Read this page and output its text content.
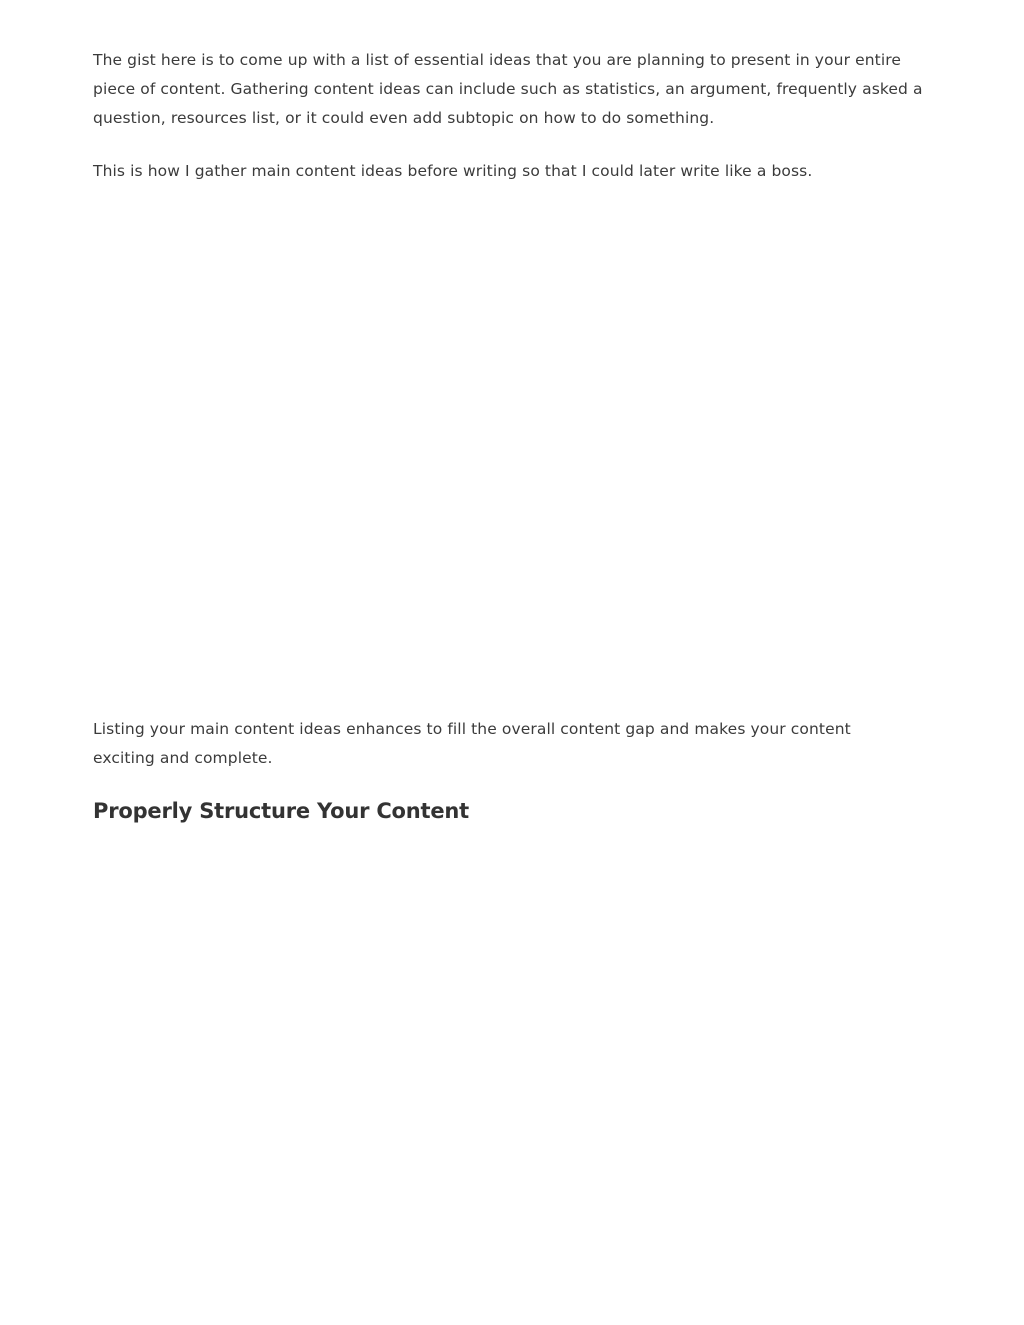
The gist here is to come up with a list of essential ideas that you are planning to present in your entire piece of content. Gathering content ideas can include such as statistics, an argument, frequently asked a question, resources list, or it could even add subtopic on how to do something.

This is how I gather main content ideas before writing so that I could later write like a boss.

Listing your main content ideas enhances to fill the overall content gap and makes your content exciting and complete.

Properly Structure Your Content
